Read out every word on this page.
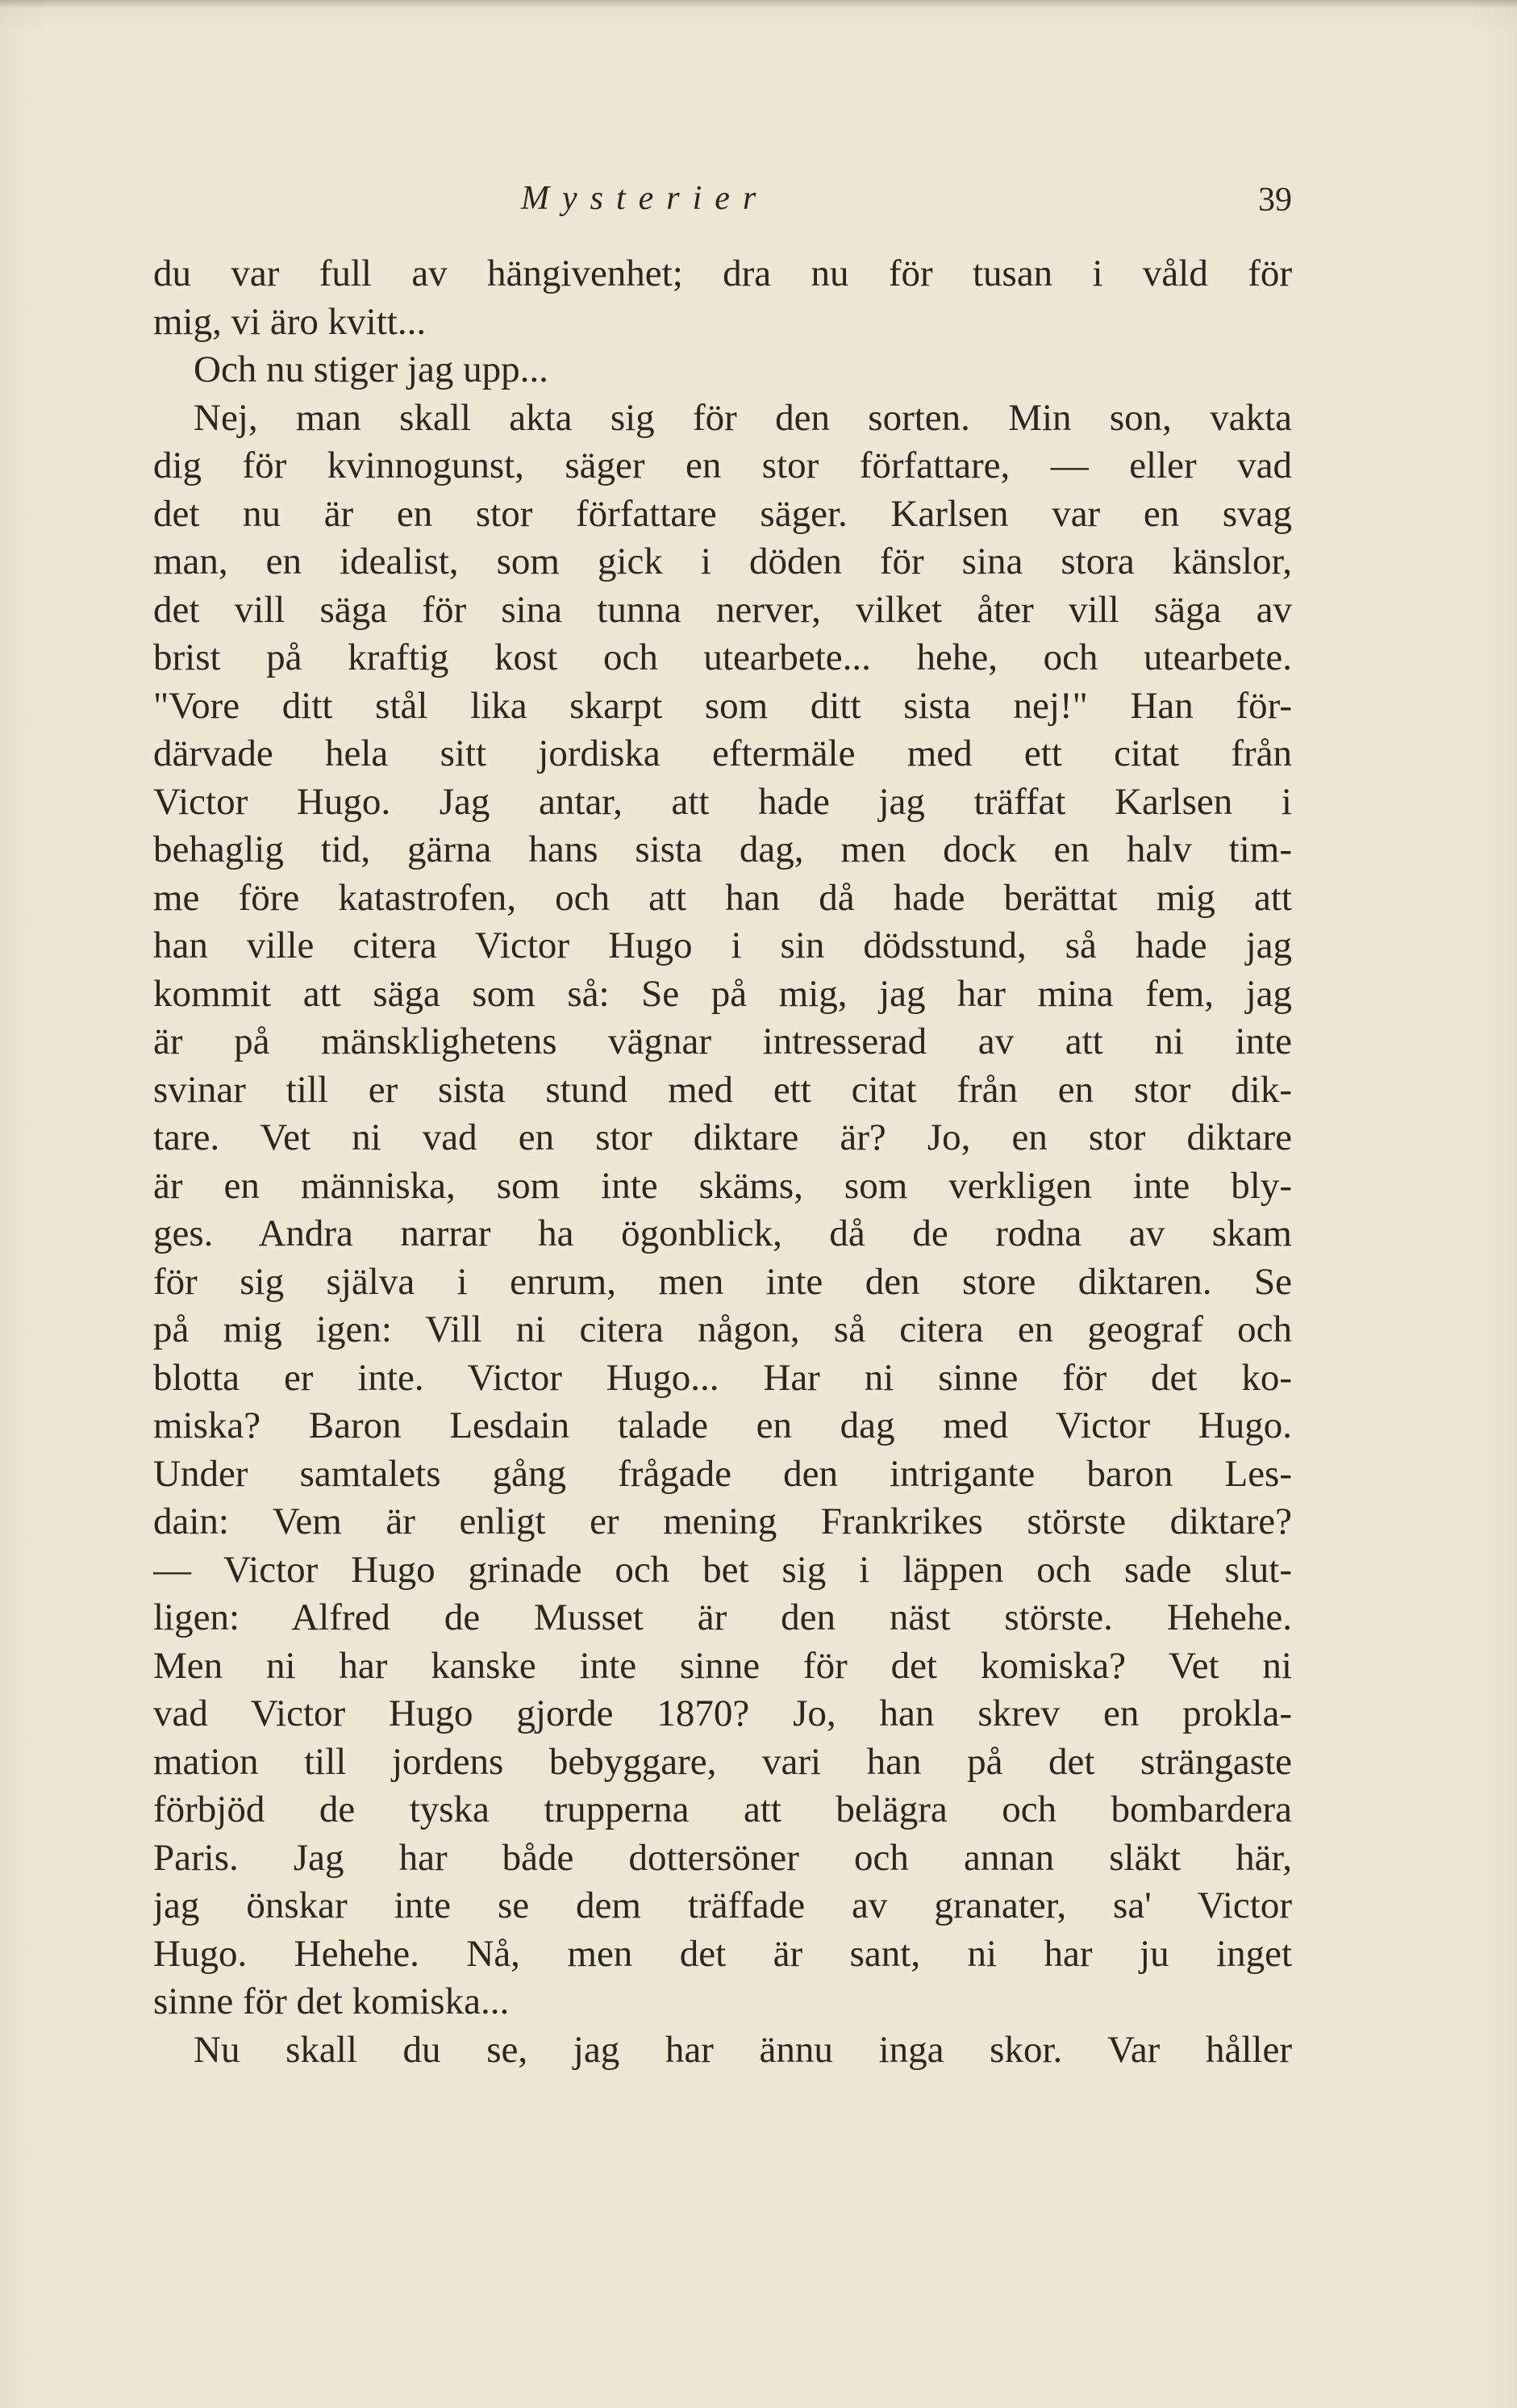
Mysterier	39
du var full av hängivenhet; dra nu för tusan i våld för
mig, vi äro kvitt...
Och nu stiger jag upp...
Nej, man skall akta sig för den sorten. Min son, vakta
dig för kvinnogunst, säger en stor författare, — eller vad
det nu är en stor författare säger. Karlsen var en svag
man, en idealist, som gick i döden för sina stora känslor,
det vill säga för sina tunna nerver, vilket åter vill säga av
brist på kraftig kost och utearbete... hehe, och utearbete.
"Vore ditt stål lika skarpt som ditt sista nej!" Han för-
därvade hela sitt jordiska eftermäle med ett citat från
Victor Hugo. Jag antar, att hade jag träffat Karlsen i
behaglig tid, gärna hans sista dag, men dock en halv tim-
me före katastrofen, och att han då hade berättat mig att
han ville citera Victor Hugo i sin dödsstund, så hade jag
kommit att säga som så: Se på mig, jag har mina fem, jag
är på mänsklighetens vägnar intresserad av att ni inte
svinar till er sista stund med ett citat från en stor dik-
tare. Vet ni vad en stor diktare är? Jo, en stor diktare
är en människa, som inte skäms, som verkligen inte bly-
ges. Andra narrar ha ögonblick, då de rodna av skam
för sig själva i enrum, men inte den store diktaren. Se
på mig igen: Vill ni citera någon, så citera en geograf och
blotta er inte. Victor Hugo... Har ni sinne för det ko-
miska? Baron Lesdain talade en dag med Victor Hugo.
Under samtalets gång frågade den intrigante baron Les-
dain: Vem är enligt er mening Frankrikes störste diktare?
— Victor Hugo grinade och bet sig i läppen och sade slut-
ligen: Alfred de Musset är den näst störste. Hehehe.
Men ni har kanske inte sinne för det komiska? Vet ni
vad Victor Hugo gjorde 1870? Jo, han skrev en prokla-
mation till jordens bebyggare, vari han på det strängaste
förbjöd de tyska trupperna att belägra och bombardera
Paris. Jag har både dottersöner och annan släkt här,
jag önskar inte se dem träffade av granater, sa' Victor
Hugo. Hehehe. Nå, men det är sant, ni har ju inget
sinne för det komiska...
Nu skall du se, jag har ännu inga skor. Var håller
